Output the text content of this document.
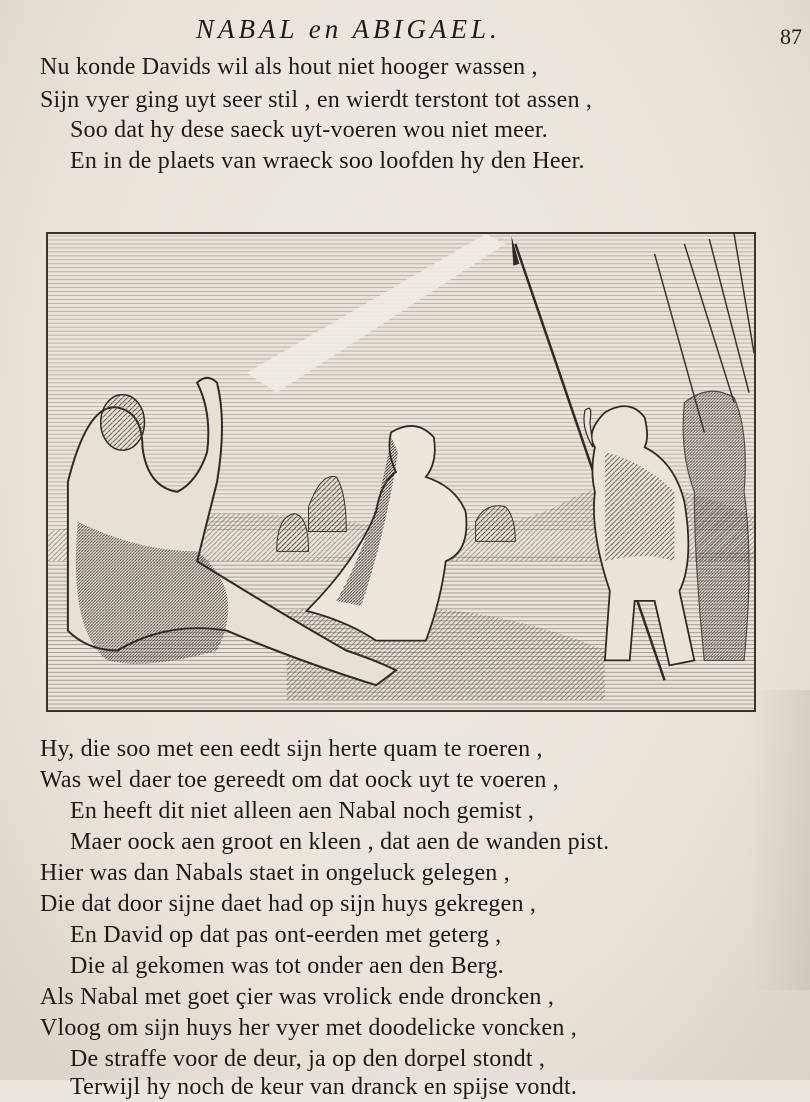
NABAL en ABIGAEL.	87
Nu konde Davids wil als hout niet hooger wassen ,
Sijn vyer ging uyt seer stil , en wierdt terstont tot assen ,
Soo dat hy dese saeck uyt-voeren wou niet meer.
En in de plaets van wraeck soo loofden hy den Heer.
Hy, die soo met een eedt sijn herte quam te roeren ,
Was wel daer toe gereedt om dat oock uyt te voeren ,
En heeft dit niet alleen aen Nabal noch gemist ,
Maer oock aen groot en kleen , dat aen de wanden pist.
Hier was dan Nabals staet in ongeluck gelegen ,
Die dat door sijne daet had op sijn huys gekregen ,
En David op dat pas ont-eerden met geterg ,
Die al gekomen was tot onder aen den Berg.
Als Nabal met goet çier was vrolick ende droncken ,
Vloog om sijn huys her vyer met doodelicke voncken ,
De straffe voor de deur, ja op den dorpel stondt ,
Terwijl hy noch de keur van dranck en spijse vondt.
